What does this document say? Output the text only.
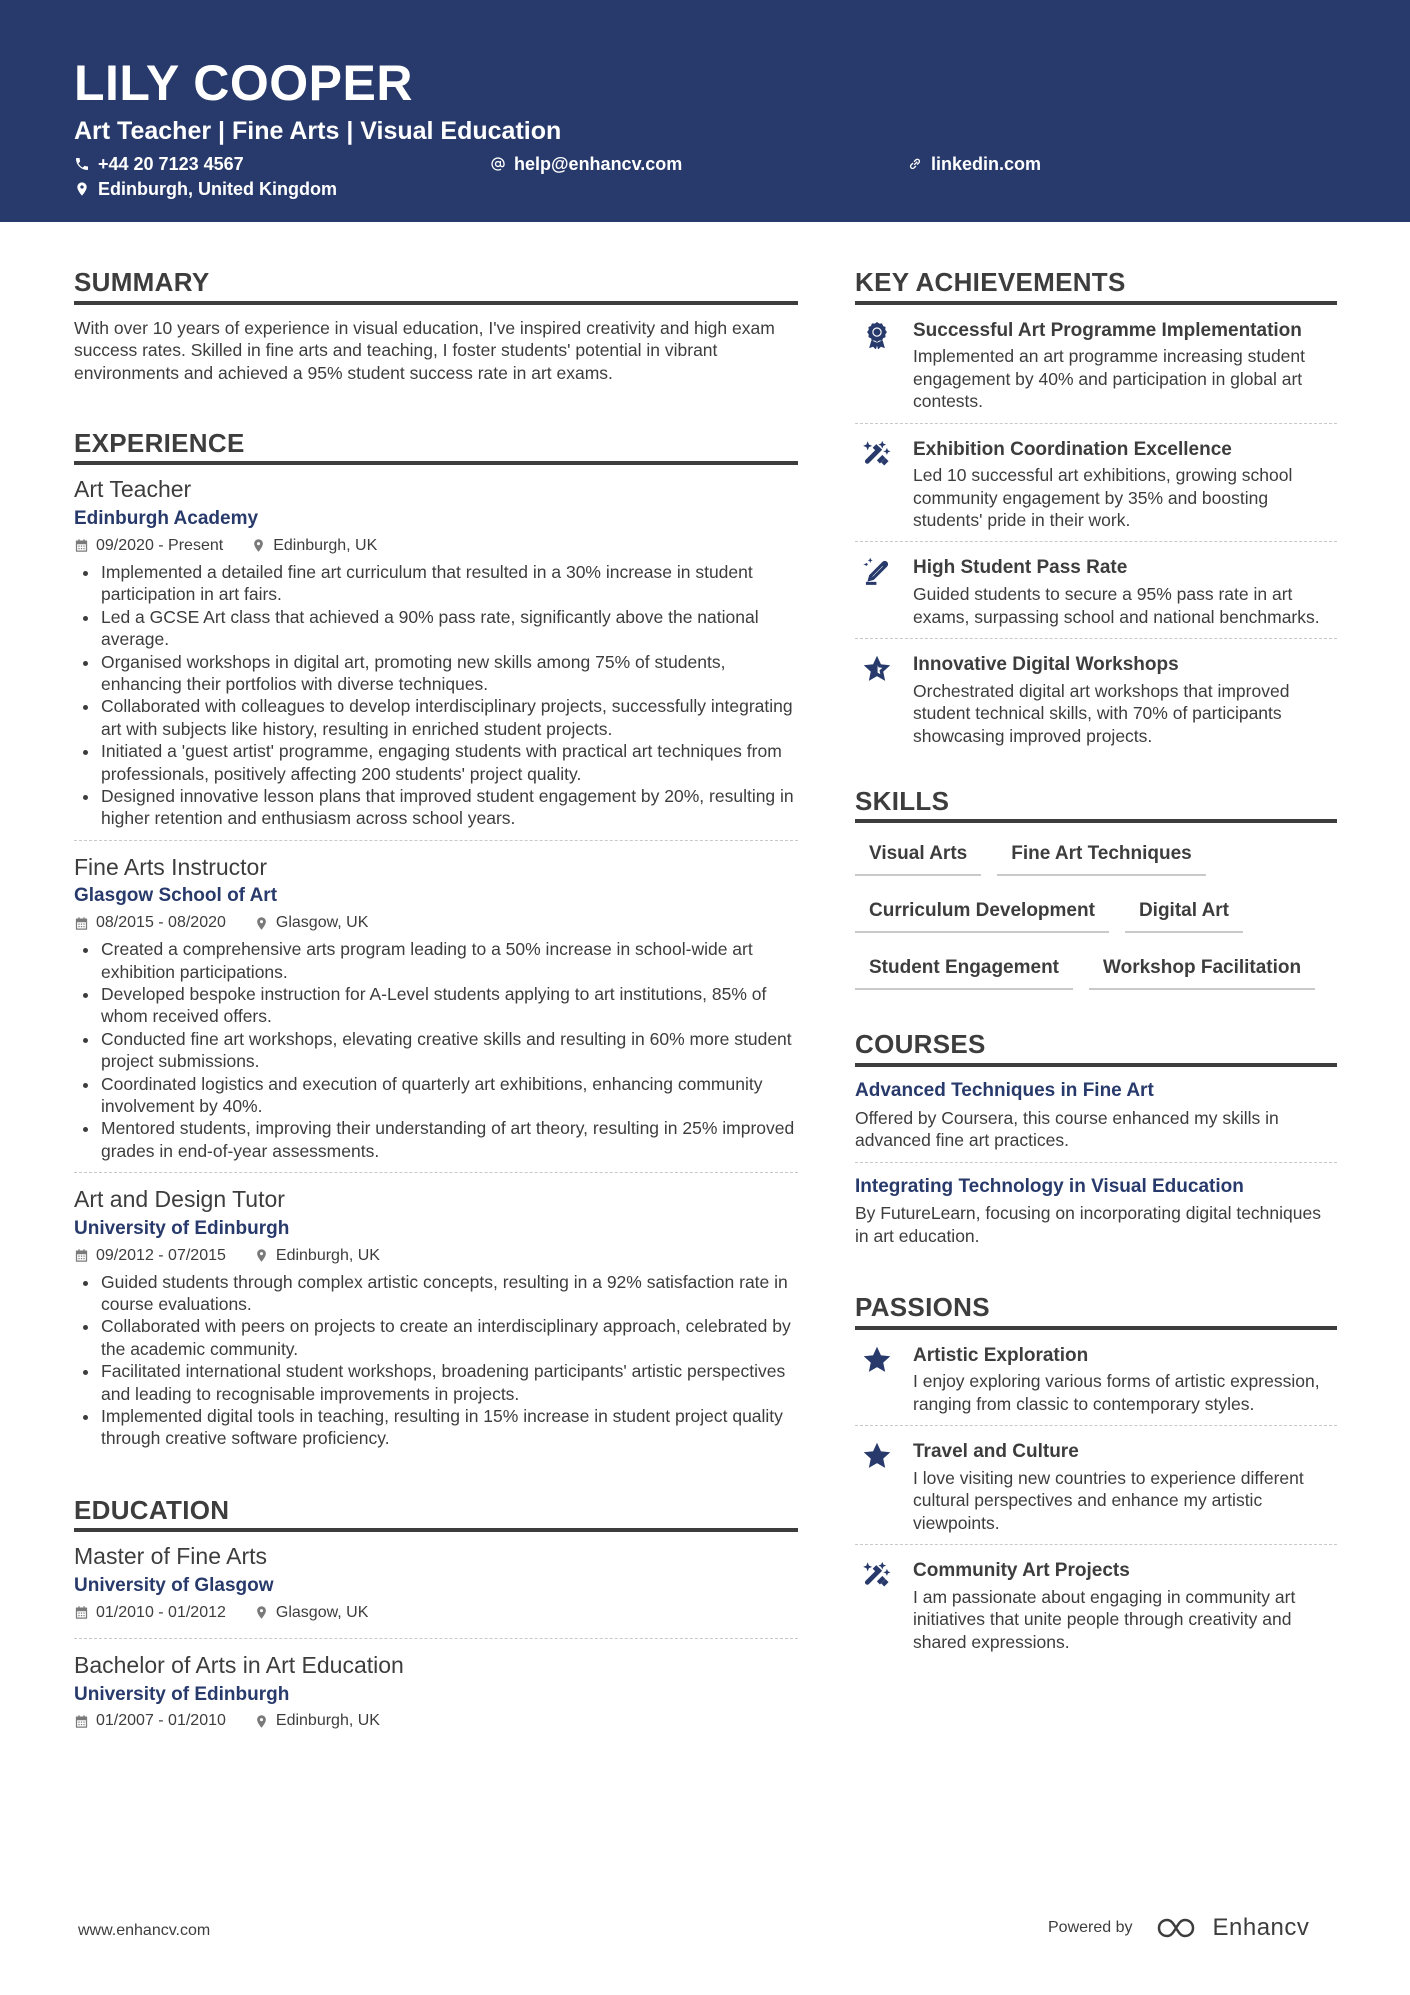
LILY COOPER
Art Teacher | Fine Arts | Visual Education
+44 20 7123 4567	help@enhancv.com	linkedin.com
Edinburgh, United Kingdom
SUMMARY

With over 10 years of experience in visual education, I've inspired creativity and high exam success rates. Skilled in fine arts and teaching, I foster students' potential in vibrant environments and achieved a 95% student success rate in art exams.

EXPERIENCE
Art Teacher
Edinburgh Academy
09/2020 - Present	Edinburgh, UK
Implemented a detailed fine art curriculum that resulted in a 30% increase in student participation in art fairs.
Led a GCSE Art class that achieved a 90% pass rate, significantly above the national average.
Organised workshops in digital art, promoting new skills among 75% of students, enhancing their portfolios with diverse techniques.
Collaborated with colleagues to develop interdisciplinary projects, successfully integrating art with subjects like history, resulting in enriched student projects.
Initiated a 'guest artist' programme, engaging students with practical art techniques from professionals, positively affecting 200 students' project quality.
Designed innovative lesson plans that improved student engagement by 20%, resulting in higher retention and enthusiasm across school years.
Fine Arts Instructor
Glasgow School of Art
08/2015 - 08/2020	Glasgow, UK
Created a comprehensive arts program leading to a 50% increase in school-wide art exhibition participations.
Developed bespoke instruction for A-Level students applying to art institutions, 85% of whom received offers.
Conducted fine art workshops, elevating creative skills and resulting in 60% more student project submissions.
Coordinated logistics and execution of quarterly art exhibitions, enhancing community involvement by 40%.
Mentored students, improving their understanding of art theory, resulting in 25% improved grades in end-of-year assessments.
Art and Design Tutor
University of Edinburgh
09/2012 - 07/2015	Edinburgh, UK
Guided students through complex artistic concepts, resulting in a 92% satisfaction rate in course evaluations.
Collaborated with peers on projects to create an interdisciplinary approach, celebrated by the academic community.
Facilitated international student workshops, broadening participants' artistic perspectives and leading to recognisable improvements in projects.
Implemented digital tools in teaching, resulting in 15% increase in student project quality through creative software proficiency.
EDUCATION
Master of Fine Arts
University of Glasgow
01/2010 - 01/2012	Glasgow, UK
Bachelor of Arts in Art Education
University of Edinburgh
01/2007 - 01/2010	Edinburgh, UK
KEY ACHIEVEMENTS
Successful Art Programme Implementation
Implemented an art programme increasing student engagement by 40% and participation in global art contests.
Exhibition Coordination Excellence
Led 10 successful art exhibitions, growing school community engagement by 35% and boosting students' pride in their work.
High Student Pass Rate
Guided students to secure a 95% pass rate in art exams, surpassing school and national benchmarks.
Innovative Digital Workshops
Orchestrated digital art workshops that improved student technical skills, with 70% of participants showcasing improved projects.
SKILLS
Visual Arts	Fine Art Techniques
Curriculum Development	Digital Art
Student Engagement	Workshop Facilitation
COURSES
Advanced Techniques in Fine Art
Offered by Coursera, this course enhanced my skills in advanced fine art practices.
Integrating Technology in Visual Education
By FutureLearn, focusing on incorporating digital techniques in art education.
PASSIONS
Artistic Exploration
I enjoy exploring various forms of artistic expression, ranging from classic to contemporary styles.
Travel and Culture
I love visiting new countries to experience different cultural perspectives and enhance my artistic viewpoints.
Community Art Projects
I am passionate about engaging in community art initiatives that unite people through creativity and shared expressions.
www.enhancv.com	Powered by	Enhancv
